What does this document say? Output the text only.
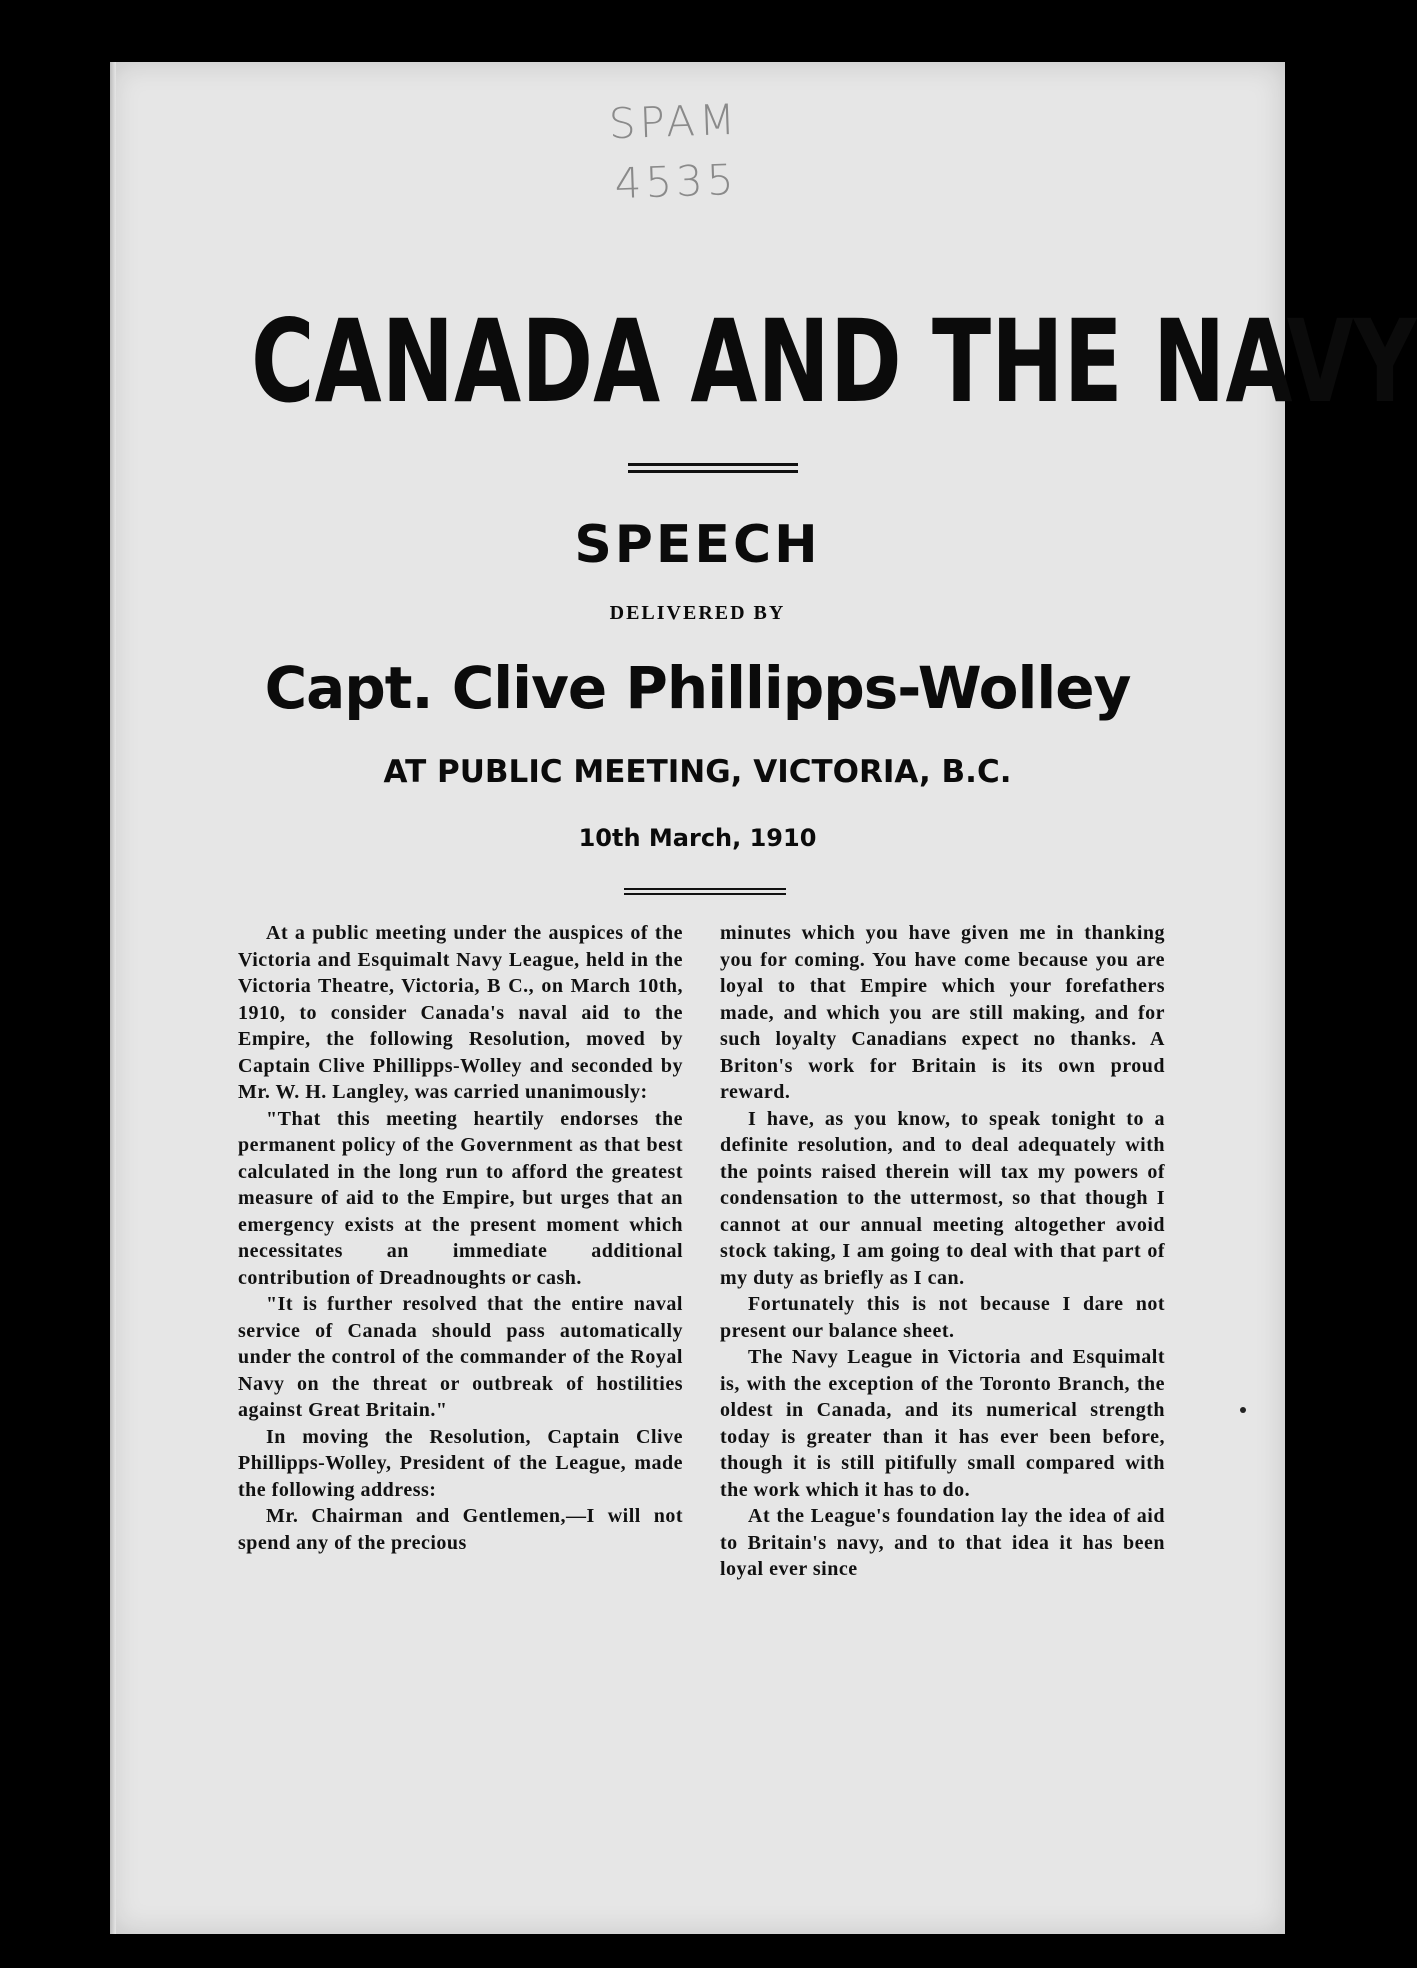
SPAM
4535
CANADA AND THE NAVY
SPEECH
DELIVERED BY
Capt. Clive Phillipps-Wolley
AT PUBLIC MEETING, VICTORIA, B.C.
10th March, 1910

At a public meeting under the auspices of the Victoria and Esquimalt Navy League, held in the Victoria Theatre, Victoria, B C., on March 10th, 1910, to consider Canada's naval aid to the Empire, the following Resolution, moved by Captain Clive Phillipps-Wolley and seconded by Mr. W. H. Langley, was carried unanimously:

"That this meeting heartily endorses the permanent policy of the Government as that best calculated in the long run to afford the greatest measure of aid to the Empire, but urges that an emergency exists at the present moment which necessitates an immediate additional contribution of Dreadnoughts or cash.

"It is further resolved that the entire naval service of Canada should pass automatically under the control of the commander of the Royal Navy on the threat or outbreak of hostilities against Great Britain."

In moving the Resolution, Captain Clive Phillipps-Wolley, President of the League, made the following address:

Mr. Chairman and Gentlemen,—I will not spend any of the precious

minutes which you have given me in thanking you for coming. You have come because you are loyal to that Empire which your forefathers made, and which you are still making, and for such loyalty Canadians expect no thanks. A Briton's work for Britain is its own proud reward.

I have, as you know, to speak tonight to a definite resolution, and to deal adequately with the points raised therein will tax my powers of condensation to the uttermost, so that though I cannot at our annual meeting altogether avoid stock taking, I am going to deal with that part of my duty as briefly as I can.

Fortunately this is not because I dare not present our balance sheet.

The Navy League in Victoria and Esquimalt is, with the exception of the Toronto Branch, the oldest in Canada, and its numerical strength today is greater than it has ever been before, though it is still pitifully small compared with the work which it has to do.

At the League's foundation lay the idea of aid to Britain's navy, and to that idea it has been loyal ever since
